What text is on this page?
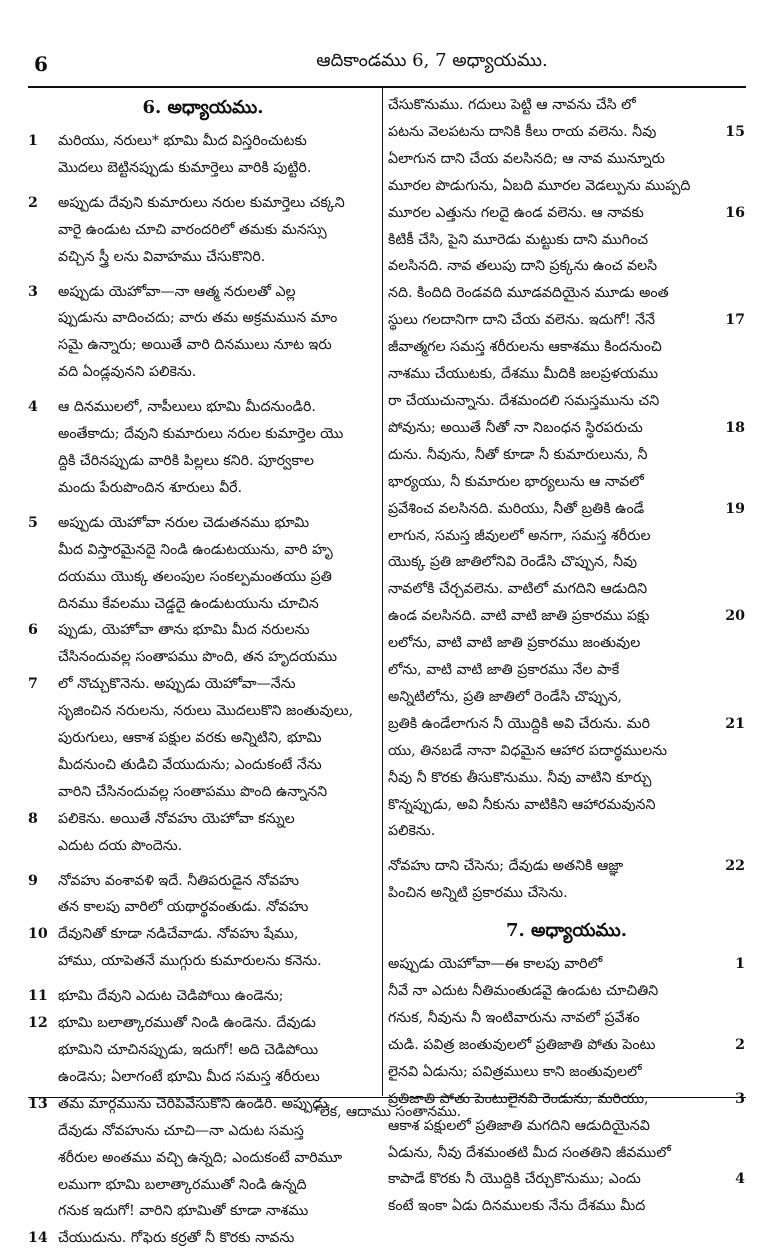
6	ఆదికాండము 6, 7 అధ్యాయము.
6. అధ్యాయము.
1	మరియు, నరులు* భూమి మీద విస్తరించుటకు
మొదలు బెట్టినప్పుడు కుమార్తెలు వారికి పుట్టిరి.
2	అప్పుడు దేవుని కుమారులు నరుల కుమార్తెలు చక్కని
వారై ఉండుట చూచి వారందరిలో తమకు మనస్సు
వచ్చిన స్త్రీ లను వివాహము చేసుకొనిరి.
3	అప్పుడు యెహోవా—నా ఆత్మ నరులతో ఎల్ల
ప్పుడును వాదించదు; వారు తమ అక్రమమున మాం
సమై ఉన్నారు; అయితే వారి దినములు నూట ఇరు
వది ఏండ్లవునని పలికెను.
4	ఆ దినములలో, నాపీలులు భూమి మీదనుండిరి.
అంతేకాదు; దేవుని కుమారులు నరుల కుమార్తెల యొ
ద్దికి చేరినప్పుడు వారికి పిల్లలు కనిరి. పూర్వకాల
మందు పేరుపొందిన శూరులు వీరే.
5	అప్పుడు యెహోవా నరుల చెడుతనము భూమి
మీద విస్తారమైనదై నిండి ఉండుటయును, వారి హృ
దయము యొక్క తలంపుల సంకల్పమంతయు ప్రతి
దినము కేవలము చెడ్డదై ఉండుటయును చూచిన
6	ప్పుడు, యెహోవా తాను భూమి మీద నరులను
చేసినందువల్ల సంతాపము పొంది, తన హృదయము
7	లో నొచ్చుకొనెను. అప్పుడు యెహోవా—నేను
సృజించిన నరులను, నరులు మొదలుకొని జంతువులు,
పురుగులు, ఆకాశ పక్షుల వరకు అన్నిటిని, భూమి
మీదనుంచి తుడిచి వేయుదును; ఎందుకంటే నేను
వారిని చేసినందువల్ల సంతాపము పొంది ఉన్నానని
8	పలికెను. అయితే నోవహు యెహోవా కన్నుల
ఎదుట దయ పొందెను.
9	నోవహు వంశావళి ఇదే. నీతిపరుడైన నోవహు
తన కాలపు వారిలో యథార్థవంతుడు. నోవహు
10 దేవునితో కూడా నడిచేవాడు. నోవహు షేము,
హాము, యాపెతనే ముగ్గురు కుమారులను కనెను.
11 భూమి దేవుని ఎదుట చెడిపోయి ఉండెను;
12 భూమి బలాత్కారముతో నిండి ఉండెను. దేవుడు
భూమిని చూచినప్పుడు, ఇదుగో! అది చెడిపోయి
ఉండెను; ఏలాగంటే భూమి మీద సమస్త శరీరులు
13 తమ మార్గమును చెరిపివేసుకొని ఉండిరి. అప్పుడు
దేవుడు నోవహును చూచి—నా ఎదుట సమస్త
శరీరుల అంతము వచ్చి ఉన్నది; ఎందుకంటే వారిమూ
లముగా భూమి బలాత్కారముతో నిండి ఉన్నది
గనుక ఇదుగో! వారిని భూమితో కూడా నాశము
14 చేయుదును. గోఫెరు కర్రతో నీ కొరకు నావను
చేసుకొనుము. గదులు పెట్టి ఆ నావను చేసి లో
15
పటను వెలపటను దానికి కీలు రాయ వలెను. నీవు
ఏలాగున దాని చేయ వలసినది; ఆ నావ మున్నూరు
మూరల పొడుగును, ఏబది మూరల వెడల్పును ముప్పది
16
మూరల ఎత్తును గలదై ఉండ వలెను. ఆ నావకు
కిటికీ చేసి, పైని మూరెడు మట్టుకు దాని ముగించ
వలసినది. నావ తలుపు దాని ప్రక్కను ఉంచ వలసి
నది. కిందిది రెండవది మూడవదియైన మూడు అంత
17
స్థులు గలదానిగా దాని చేయ వలెను. ఇదుగో! నేనే
జీవాత్మగల సమస్త శరీరులను ఆకాశము కిందనుంచి
నాశము చేయుటకు, దేశము మీదికి జలప్రళయము
రా చేయుచున్నాను. దేశమందలి సమస్తమును చని
18
పోవును; అయితే నీతో నా నిబంధన స్థిరపరుచు
దును. నీవును, నీతో కూడా నీ కుమారులును, నీ
భార్యయు, నీ కుమారుల భార్యలును ఆ నావలో
19
ప్రవేశించ వలసినది. మరియు, నీతో బ్రతికి ఉండే
లాగున, సమస్త జీవులలో అనగా, సమస్త శరీరుల
యొక్క ప్రతి జాతిలోనివి రెండేసి చొప్పున, నీవు
నావలోకి చేర్చవలెను. వాటిలో మగదిని ఆడుదిని
20
ఉండ వలసినది. వాటి వాటి జాతి ప్రకారము పక్షు
లలోను, వాటి వాటి జాతి ప్రకారము జంతువుల
లోను, వాటి వాటి జాతి ప్రకారము నేల పాకే
అన్నిటిలోను, ప్రతి జాతిలో రెండేసి చొప్పున,
21
బ్రతికి ఉండేలాగున నీ యొద్దికి అవి చేరును. మరి
యు, తినబడే నానా విధమైన ఆహార పదార్థములను
నీవు నీ కొరకు తీసుకొనుము. నీవు వాటిని కూర్చు
కొన్నప్పుడు, అవి నీకును వాటికిని ఆహారమవునని
పలికెను.
22
నోవహు దాని చేసెను; దేవుడు అతనికి ఆజ్ఞా
పించిన అన్నిటి ప్రకారము చేసెను.
7. అధ్యాయము.
1
అప్పుడు యెహోవా—ఈ కాలపు వారిలో
నీవే నా ఎదుట నీతిమంతుడవై ఉండుట చూచితిని
గనుక, నీవును నీ ఇంటివారును నావలో ప్రవేశం
2
చుడి. పవిత్ర జంతువులలో ప్రతిజాతి పోతు పెంటు
లైనవి ఏడును; పవిత్రములు కాని జంతువులలో
3
ప్రతిజాతి పోతు పెంటులైనవి రెండును; మరియు,
ఆకాశ పక్షులలో ప్రతిజాతి మగదిని ఆడుదియైనవి
ఏడును, నీవు దేశమంతటి మీద సంతతిని జీవములో
4
కాపాడే కొరకు నీ యొద్దికి చేర్చుకొనుము; ఎందు
కంటే ఇంకా ఏడు దినములకు నేను దేశము మీద
*లేక, ఆదాము సంతానము.
